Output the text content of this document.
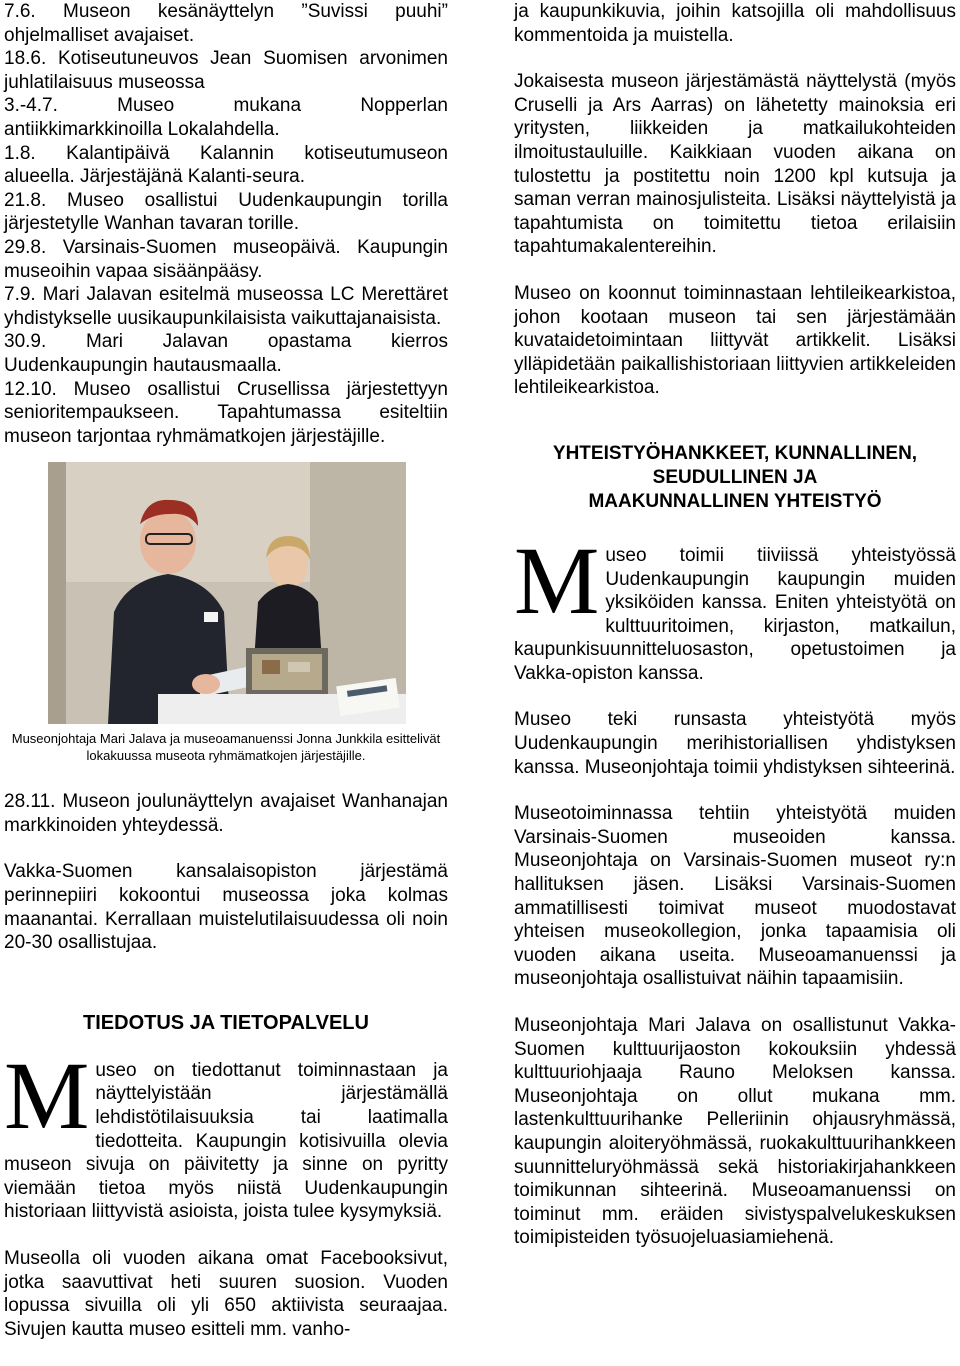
7.6. Museon kesänäyttelyn ”Suvissi puuhi” ohjelmalliset avajaiset.

18.6. Kotiseutuneuvos Jean Suomisen arvonimen juhlatilaisuus museossa

3.-4.7. Museo mukana Nopperlan antiikkimarkkinoilla Lokalahdella.

1.8. Kalantipäivä Kalannin kotiseutumuseon alueella. Järjestäjänä Kalanti-seura.

21.8. Museo osallistui Uudenkaupungin torilla järjestetylle Wanhan tavaran torille.

29.8. Varsinais-Suomen museopäivä. Kaupungin museoihin vapaa sisäänpääsy.

7.9. Mari Jalavan esitelmä museossa LC Merettäret yhdistykselle uusikaupunkilaisista vaikuttajanaisista.

30.9. Mari Jalavan opastama kierros Uudenkaupungin hautausmaalla.

12.10. Museo osallistui Crusellissa järjestettyyn senioritempaukseen. Tapahtumassa esiteltiin museon tarjontaa ryhmämatkojen järjestäjille.

Museonjohtaja Mari Jalava ja museoamanuenssi Jonna Junkkila esittelivät lokakuussa museota ryhmämatkojen järjestäjille.

28.11. Museon joulunäyttelyn avajaiset Wanhanajan markkinoiden yhteydessä.

Vakka-Suomen kansalaisopiston järjestämä perinnepiiri kokoontui museossa joka kolmas maanantai. Kerrallaan muistelutilaisuudessa oli noin 20-30 osallistujaa.

TIEDOTUS JA TIETOPALVELU

Museo on tiedottanut toiminnastaan ja näyttelyistään järjestämällä lehdistötilaisuuksia tai laatimalla tiedotteita. Kaupungin kotisivuilla olevia museon sivuja on päivitetty ja sinne on pyritty viemään tietoa myös niistä Uudenkaupungin historiaan liittyvistä asioista, joista tulee kysymyksiä.

Museolla oli vuoden aikana omat Facebooksivut, jotka saavuttivat heti suuren suosion. Vuoden lopussa sivuilla oli yli 650 aktiivista seuraajaa. Sivujen kautta museo esitteli mm. vanho-

ja kaupunkikuvia, joihin katsojilla oli mahdollisuus kommentoida ja muistella.

Jokaisesta museon järjestämästä näyttelystä (myös Cruselli ja Ars Aarras) on lähetetty mainoksia eri yritysten, liikkeiden ja matkailukohteiden ilmoitustauluille. Kaikkiaan vuoden aikana on tulostettu ja postitettu noin 1200 kpl kutsuja ja saman verran mainosjulisteita. Lisäksi näyttelyistä ja tapahtumista on toimitettu tietoa erilaisiin tapahtumakalentereihin.

Museo on koonnut toiminnastaan lehtileikearkistoa, johon kootaan museon tai sen järjestämään kuvataidetoimintaan liittyvät artikkelit. Lisäksi ylläpidetään paikallishistoriaan liittyvien artikkeleiden lehtileikearkistoa.

YHTEISTYÖHANKKEET, KUNNALLINEN,

SEUDULLINEN JA

MAAKUNNALLINEN YHTEISTYÖ

Museo toimii tiiviissä yhteistyössä Uudenkaupungin kaupungin muiden yksiköiden kanssa. Eniten yhteistyötä on kulttuuritoimen, kirjaston, matkailun, kaupunkisuunnitteluosaston, opetustoimen ja Vakka-opiston kanssa.

Museo teki runsasta yhteistyötä myös Uudenkaupungin merihistoriallisen yhdistyksen kanssa. Museonjohtaja toimii yhdistyksen sihteerinä.

Museotoiminnassa tehtiin yhteistyötä muiden Varsinais-Suomen museoiden kanssa. Museonjohtaja on Varsinais-Suomen museot ry:n hallituksen jäsen. Lisäksi Varsinais-Suomen ammatillisesti toimivat museot muodostavat yhteisen museokollegion, jonka tapaamisia oli vuoden aikana useita. Museoamanuenssi ja museonjohtaja osallistuivat näihin tapaamisiin.

Museonjohtaja Mari Jalava on osallistunut Vakka-Suomen kulttuurijaoston kokouksiin yhdessä kulttuuriohjaaja Rauno Meloksen kanssa. Museonjohtaja on ollut mukana mm. lastenkulttuurihanke Pelleriinin ohjausryhmässä, kaupungin aloiteryöhmässä, ruokakulttuurihankkeen suunnitteluryöhmässä sekä historiakirjahankkeen toimikunnan sihteerinä. Museoamanuenssi on toiminut mm. eräiden sivistyspalvelukeskuksen toimipisteiden työsuojeluasiamiehenä.
